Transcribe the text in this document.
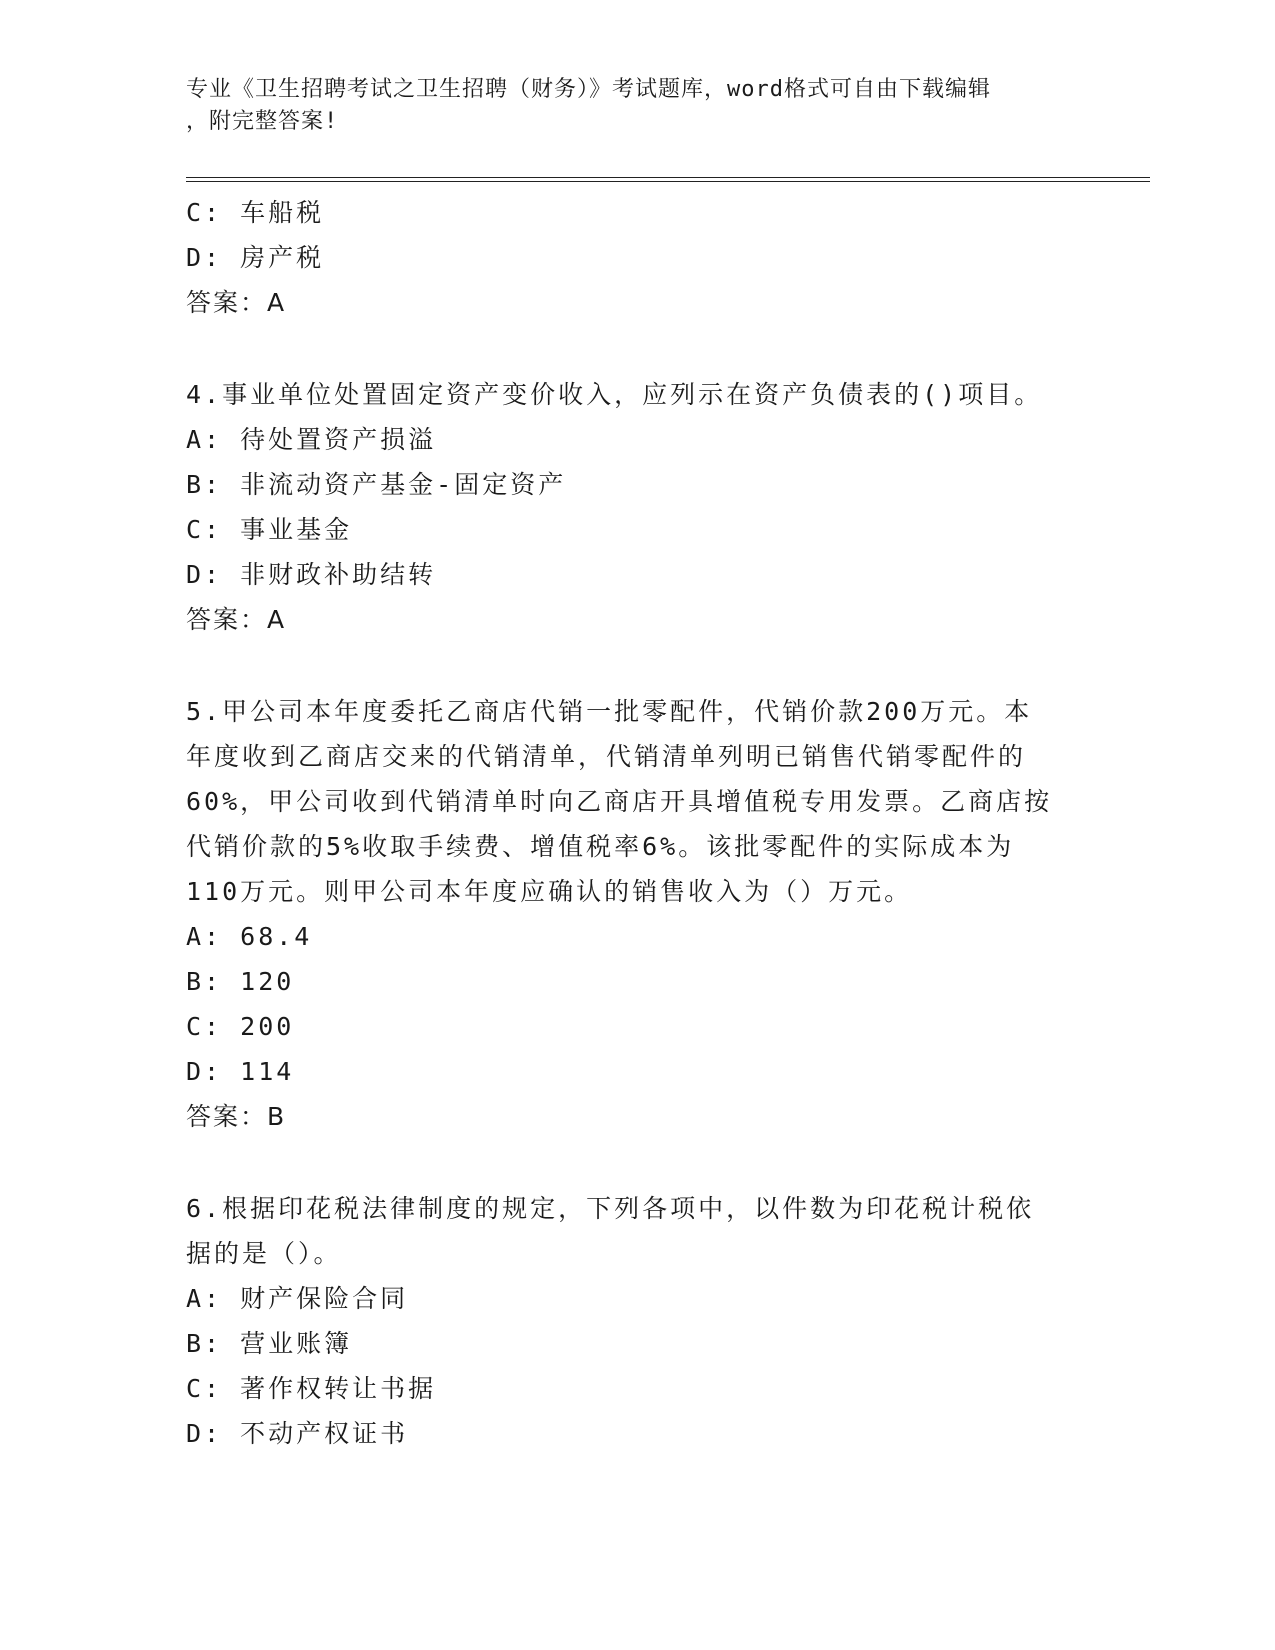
专业《卫生招聘考试之卫生招聘（财务）》考试题库，word格式可自由下载编辑
，附完整答案!
C: 车船税
D: 房产税
答案：A
4.事业单位处置固定资产变价收入，应列示在资产负债表的()项目。
A: 待处置资产损溢
B: 非流动资产基金-固定资产
C: 事业基金
D: 非财政补助结转
答案：A
5.甲公司本年度委托乙商店代销一批零配件，代销价款200万元。本
年度收到乙商店交来的代销清单，代销清单列明已销售代销零配件的
60%，甲公司收到代销清单时向乙商店开具增值税专用发票。乙商店按
代销价款的5%收取手续费、增值税率6%。该批零配件的实际成本为
110万元。则甲公司本年度应确认的销售收入为（）万元。
A: 68.4
B: 120
C: 200
D: 114
答案：B
6.根据印花税法律制度的规定，下列各项中，以件数为印花税计税依
据的是（）。
A: 财产保险合同
B: 营业账簿
C: 著作权转让书据
D: 不动产权证书
